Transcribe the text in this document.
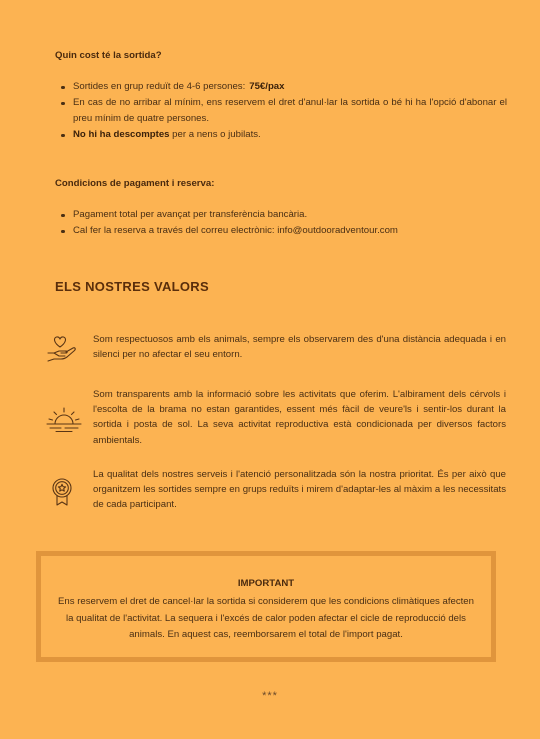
Quin cost té la sortida?

Sortides en grup reduït de 4-6 persones: 75€/pax
En cas de no arribar al mínim, ens reservem el dret d'anul·lar la sortida o bé hi ha l'opció d'abonar el preu mínim de quatre persones.
No hi ha descomptes per a nens o jubilats.

Condicions de pagament i reserva:

Pagament total per avançat per transferència bancària.
Cal fer la reserva a través del correu electrònic: info@outdooradventour.com
ELS NOSTRES VALORS

Som respectuosos amb els animals, sempre els observarem des d'una distància adequada i en silenci per no afectar el seu entorn.

Som transparents amb la informació sobre les activitats que oferim. L'albirament dels cérvols i l'escolta de la brama no estan garantides, essent més fàcil de veure'ls i sentir-los durant la sortida i posta de sol. La seva activitat reproductiva està condicionada per diversos factors ambientals.

La qualitat dels nostres serveis i l'atenció personalitzada són la nostra prioritat. És per això que organitzem les sortides sempre en grups reduïts i mirem d'adaptar-les al màxim a les necessitats de cada participant.

IMPORTANT

Ens reservem el dret de cancel·lar la sortida si considerem que les condicions climàtiques afecten la qualitat de l'activitat. La sequera i l'excés de calor poden afectar el cicle de reproducció dels animals. En aquest cas, reemborsarem el total de l'import pagat.

***
